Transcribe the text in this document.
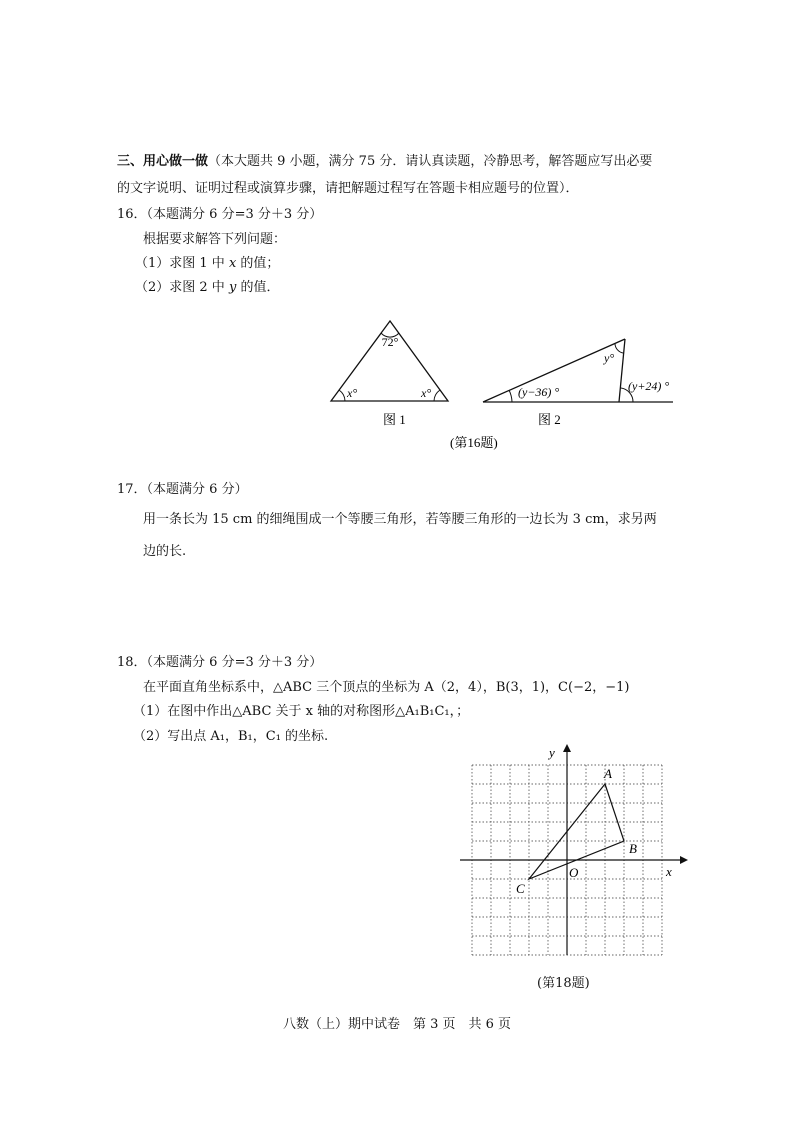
三、用心做一做（本大题共 9 小题，满分 75 分．请认真读题，冷静思考，解答题应写出必要
的文字说明、证明过程或演算步骤，请把解题过程写在答题卡相应题号的位置）．
16．（本题满分 6 分=3 分＋3 分）
根据要求解答下列问题：
（1）求图 1 中 x 的值；
（2）求图 2 中 y 的值．
72°
x°	x°
图 1
(y−36) °
y°
(y+24) °
图 2
(第16题)
17．（本题满分 6 分）
用一条长为 15 cm 的细绳围成一个等腰三角形，若等腰三角形的一边长为 3 cm，求另两
边的长.
18．（本题满分 6 分=3 分＋3 分）
在平面直角坐标系中，△ABC 三个顶点的坐标为 A（2，4），B(3，1)，C(−2，−1)
（1）在图中作出△ABC 关于 x 轴的对称图形△A₁B₁C₁，；
（2）写出点 A₁，B₁，C₁ 的坐标.
x
y
O
A
B
C
(第18题)
八数（上）期中试卷　第 3 页　共 6 页
